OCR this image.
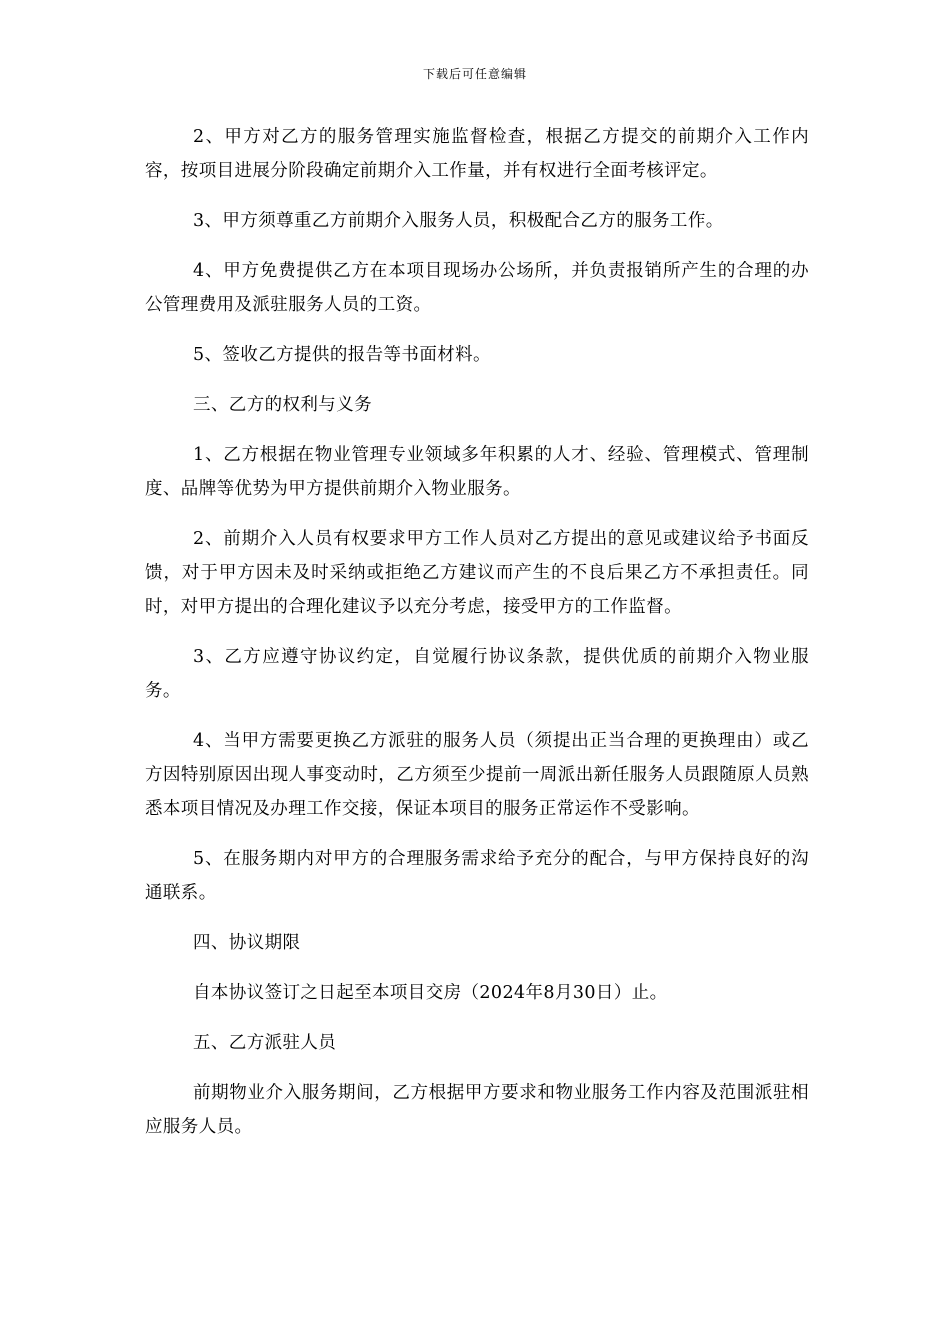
下载后可任意编辑

2、甲方对乙方的服务管理实施监督检查，根据乙方提交的前期介入工作内容，按项目进展分阶段确定前期介入工作量，并有权进行全面考核评定。

3、甲方须尊重乙方前期介入服务人员，积极配合乙方的服务工作。

4、甲方免费提供乙方在本项目现场办公场所，并负责报销所产生的合理的办公管理费用及派驻服务人员的工资。

5、签收乙方提供的报告等书面材料。

三、乙方的权利与义务

1、乙方根据在物业管理专业领域多年积累的人才、经验、管理模式、管理制度、品牌等优势为甲方提供前期介入物业服务。

2、前期介入人员有权要求甲方工作人员对乙方提出的意见或建议给予书面反馈，对于甲方因未及时采纳或拒绝乙方建议而产生的不良后果乙方不承担责任。同时，对甲方提出的合理化建议予以充分考虑，接受甲方的工作监督。

3、乙方应遵守协议约定，自觉履行协议条款，提供优质的前期介入物业服务。

4、当甲方需要更换乙方派驻的服务人员（须提出正当合理的更换理由）或乙方因特别原因出现人事变动时，乙方须至少提前一周派出新任服务人员跟随原人员熟悉本项目情况及办理工作交接，保证本项目的服务正常运作不受影响。

5、在服务期内对甲方的合理服务需求给予充分的配合，与甲方保持良好的沟通联系。

四、协议期限

自本协议签订之日起至本项目交房（2024年8月30日）止。

五、乙方派驻人员

前期物业介入服务期间，乙方根据甲方要求和物业服务工作内容及范围派驻相应服务人员。
